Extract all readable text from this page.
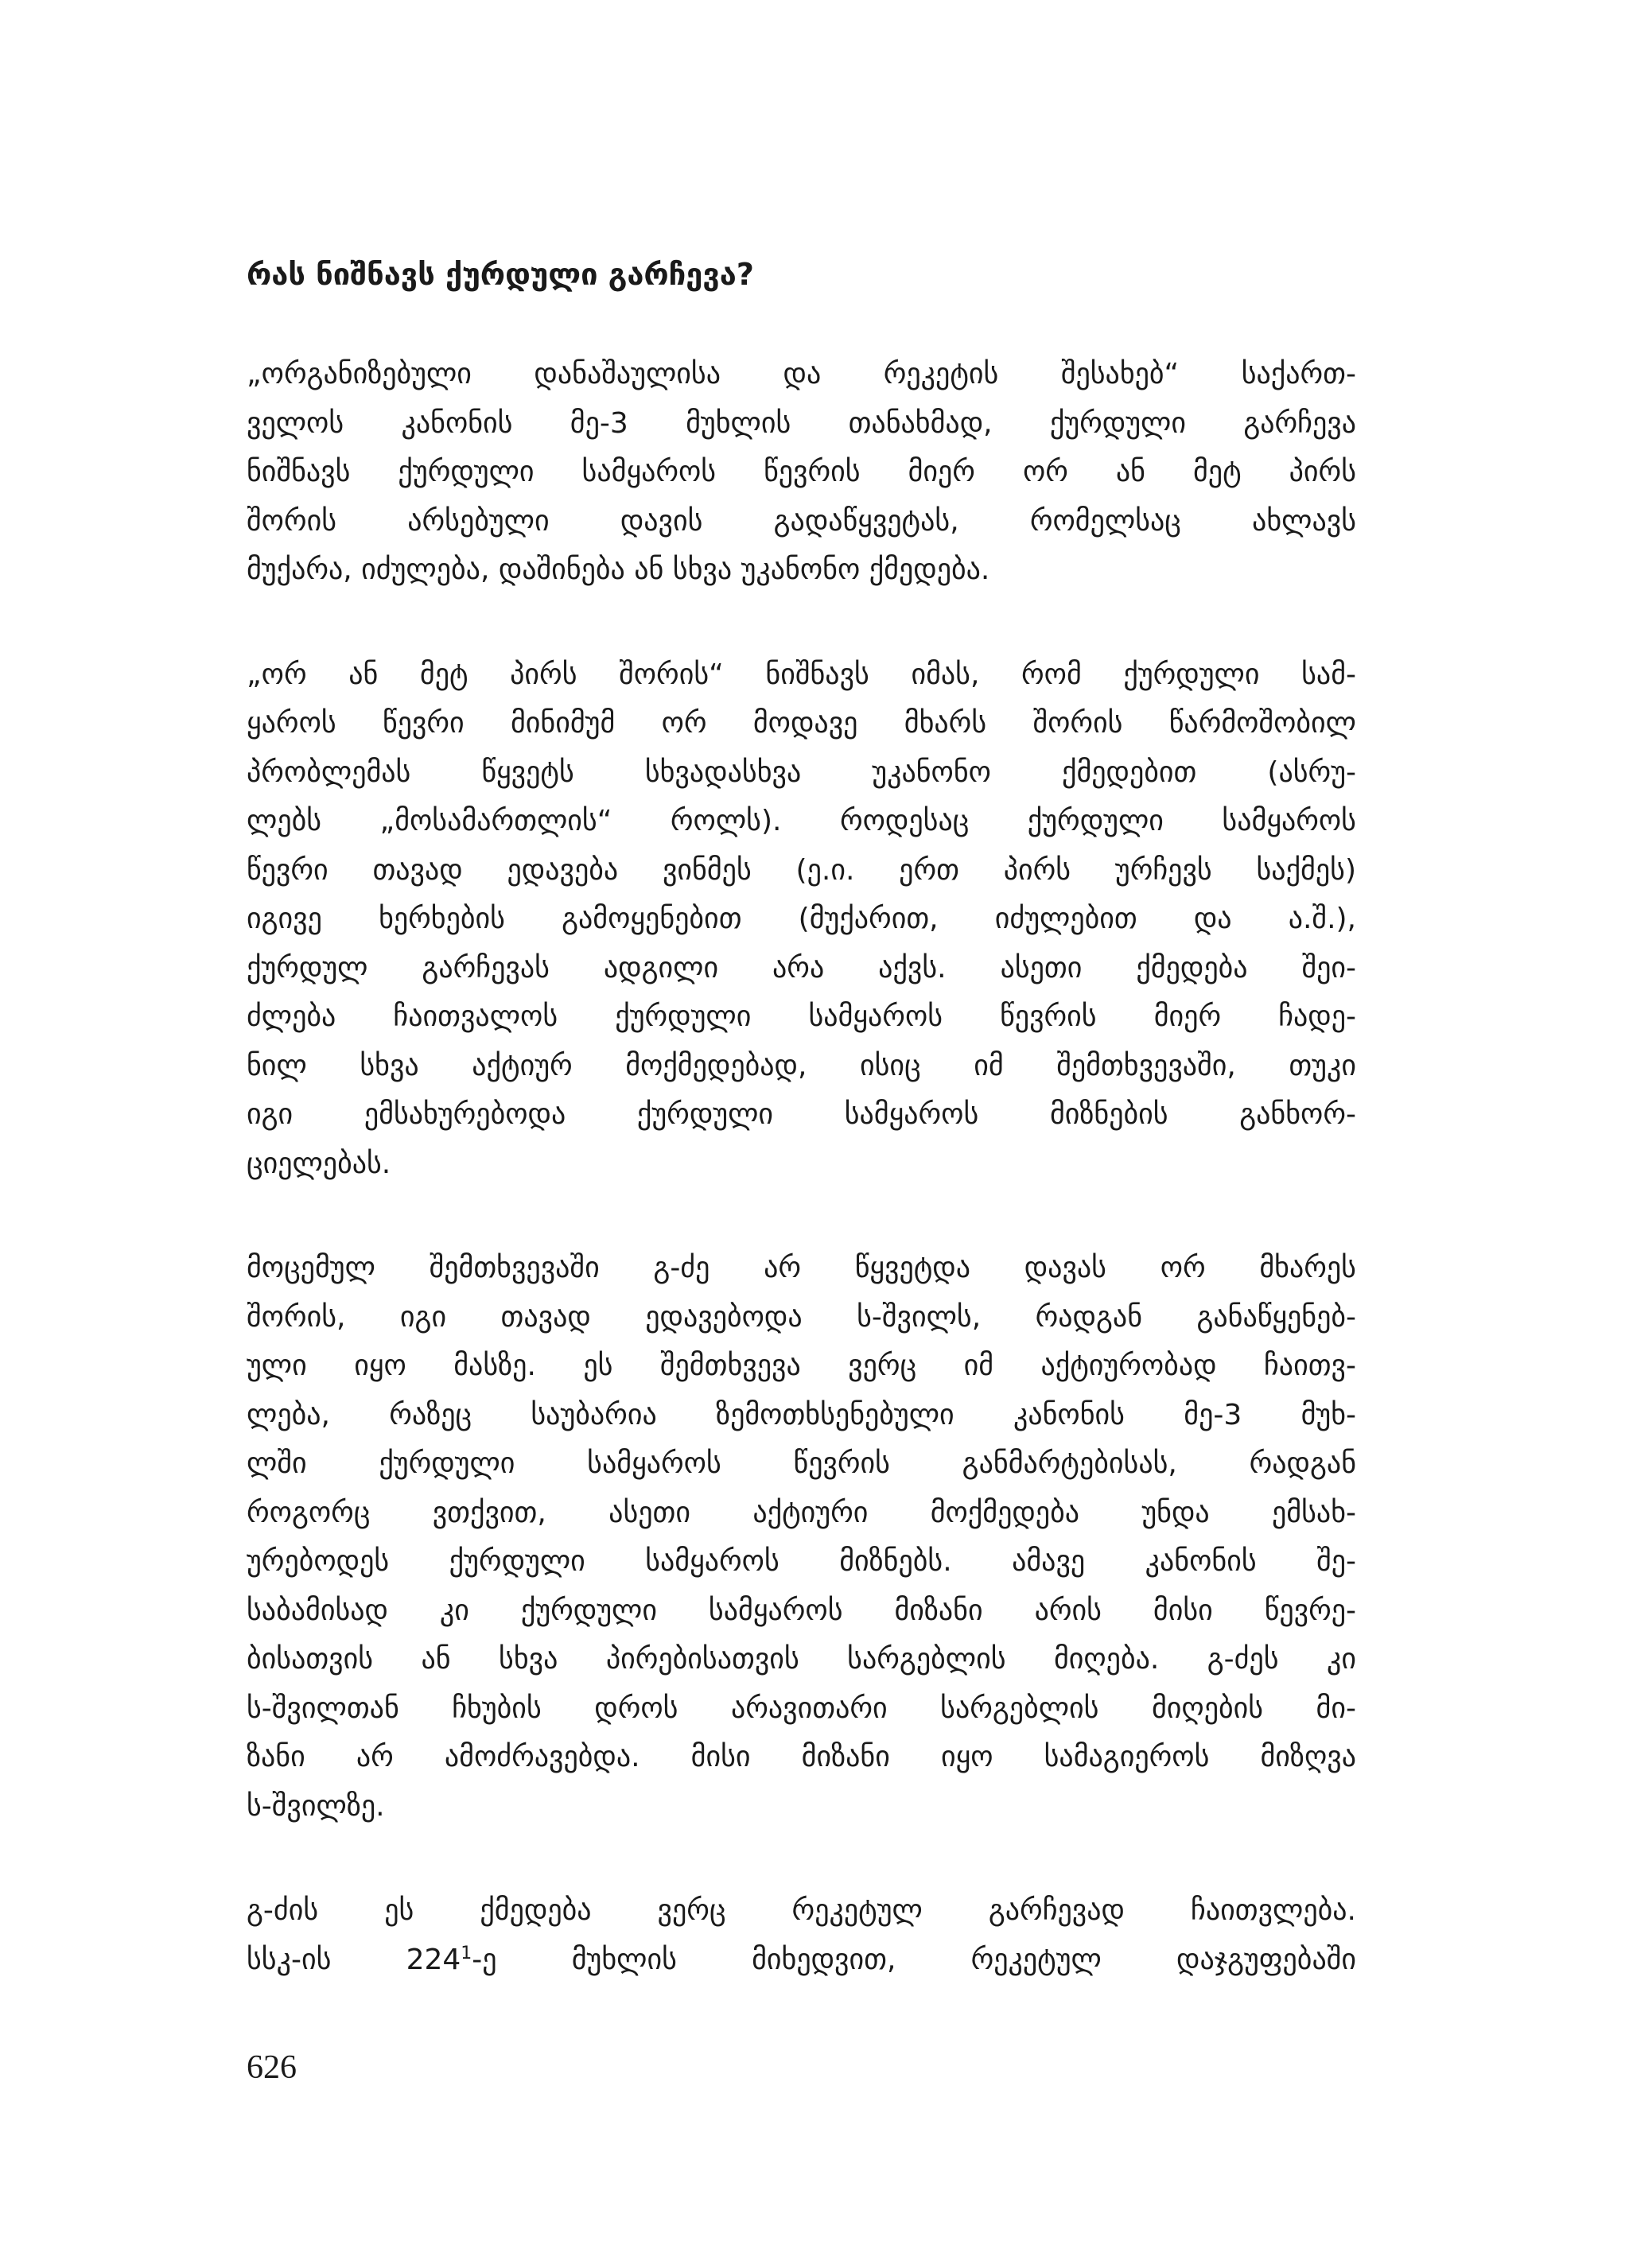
რას ნიშნავს ქურდული გარჩევა?

„ორგანიზებული დანაშაულისა და რეკეტის შესახებ“ საქართ-
ველოს კანონის მე-3 მუხლის თანახმად, ქურდული გარჩევა
ნიშნავს ქურდული სამყაროს წევრის მიერ ორ ან მეტ პირს
შორის არსებული დავის გადაწყვეტას, რომელსაც ახლავს
მუქარა, იძულება, დაშინება ან სხვა უკანონო ქმედება.

„ორ ან მეტ პირს შორის“ ნიშნავს იმას, რომ ქურდული სამ-
ყაროს წევრი მინიმუმ ორ მოდავე მხარს შორის წარმოშობილ
პრობლემას წყვეტს სხვადასხვა უკანონო ქმედებით (ასრუ-
ლებს „მოსამართლის“ როლს). როდესაც ქურდული სამყაროს
წევრი თავად ედავება ვინმეს (ე.ი. ერთ პირს ურჩევს საქმეს)
იგივე ხერხების გამოყენებით (მუქარით, იძულებით და ა.შ.),
ქურდულ გარჩევას ადგილი არა აქვს. ასეთი ქმედება შეი-
ძლება ჩაითვალოს ქურდული სამყაროს წევრის მიერ ჩადე-
ნილ სხვა აქტიურ მოქმედებად, ისიც იმ შემთხვევაში, თუკი
იგი ემსახურებოდა ქურდული სამყაროს მიზნების განხორ-
ციელებას.

მოცემულ შემთხვევაში გ-ძე არ წყვეტდა დავას ორ მხარეს
შორის, იგი თავად ედავებოდა ს-შვილს, რადგან განაწყენებ-
ული იყო მასზე. ეს შემთხვევა ვერც იმ აქტიურობად ჩაითვ-
ლება, რაზეც საუბარია ზემოთხსენებული კანონის მე-3 მუხ-
ლში ქურდული სამყაროს წევრის განმარტებისას, რადგან
როგორც ვთქვით, ასეთი აქტიური მოქმედება უნდა ემსახ-
ურებოდეს ქურდული სამყაროს მიზნებს. ამავე კანონის შე-
საბამისად კი ქურდული სამყაროს მიზანი არის მისი წევრე-
ბისათვის ან სხვა პირებისათვის სარგებლის მიღება. გ-ძეს კი
ს-შვილთან ჩხუბის დროს არავითარი სარგებლის მიღების მი-
ზანი არ ამოძრავებდა. მისი მიზანი იყო სამაგიეროს მიზღვა
ს-შვილზე.

გ-ძის ეს ქმედება ვერც რეკეტულ გარჩევად ჩაითვლება.
სსკ-ის 224$^1$-ე მუხლის მიხედვით, რეკეტულ დაჯგუფებაში

626
